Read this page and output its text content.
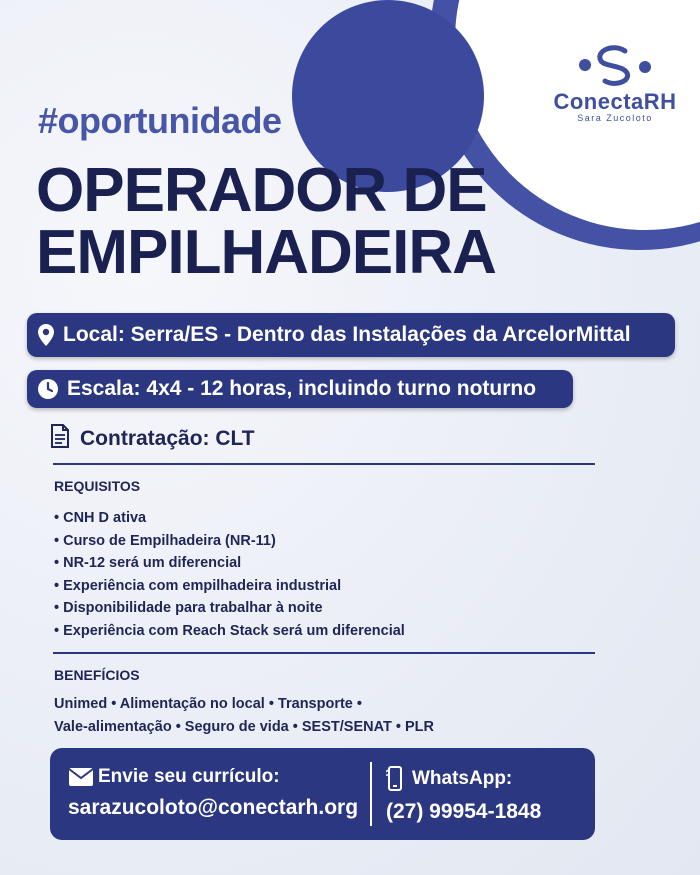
ConectaRH
Sara Zucoloto
#oportunidade
OPERADOR DE
EMPILHADEIRA
Local: Serra/ES - Dentro das Instalações da ArcelorMittal
Escala: 4x4 - 12 horas, incluindo turno noturno
Contratação: CLT
REQUISITOS
• CNH D ativa
• Curso de Empilhadeira (NR-11)
• NR-12 será um diferencial
• Experiência com empilhadeira industrial
• Disponibilidade para trabalhar à noite
• Experiência com Reach Stack será um diferencial
BENEFÍCIOS
Unimed • Alimentação no local • Transporte •
Vale-alimentação • Seguro de vida • SEST/SENAT • PLR
Envie seu currículo:
sarazucoloto@conectarh.org
WhatsApp:
(27) 99954-1848
